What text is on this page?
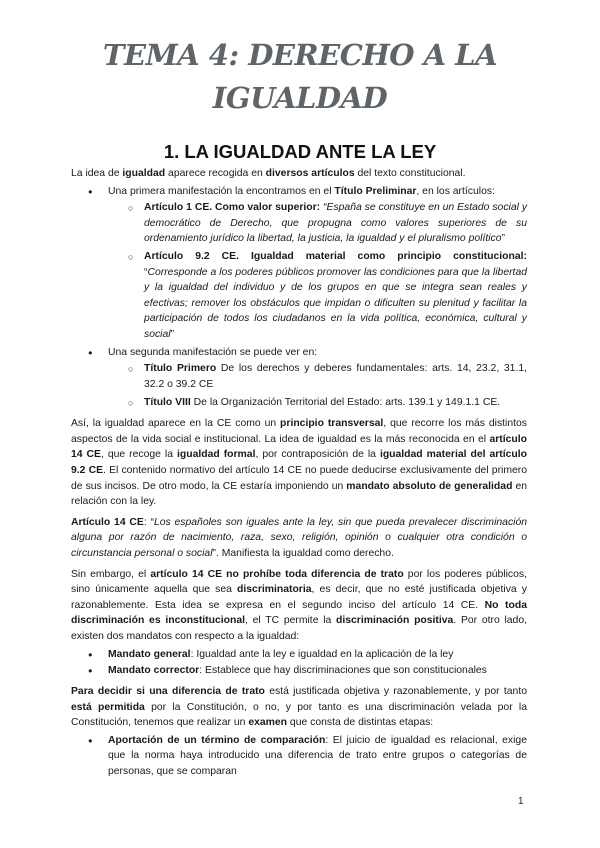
TEMA 4: DERECHO A LA
IGUALDAD
1. LA IGUALDAD ANTE LA LEY

La idea de igualdad aparece recogida en diversos artículos del texto constitucional.

● Una primera manifestación la encontramos en el Título Preliminar, en los artículos:
○ Artículo 1 CE. Como valor superior: “España se constituye en un Estado social y democrático de Derecho, que propugna como valores superiores de su ordenamiento jurídico la libertad, la justicia, la igualdad y el pluralismo político”
○ Artículo 9.2 CE. Igualdad material como principio constitucional: “Corresponde a los poderes públicos promover las condiciones para que la libertad y la igualdad del individuo y de los grupos en que se integra sean reales y efectivas; remover los obstáculos que impidan o dificulten su plenitud y facilitar la participación de todos los ciudadanos en la vida política, económica, cultural y social”
● Una segunda manifestación se puede ver en:
○ Título Primero De los derechos y deberes fundamentales: arts. 14, 23.2, 31.1, 32.2 o 39.2 CE
○ Título VIII De la Organización Territorial del Estado: arts. 139.1 y 149.1.1 CE.

Así, la igualdad aparece en la CE como un principio transversal, que recorre los más distintos aspectos de la vida social e institucional. La idea de igualdad es la más reconocida en el artículo 14 CE, que recoge la igualdad formal, por contraposición de la igualdad material del artículo 9.2 CE. El contenido normativo del artículo 14 CE no puede deducirse exclusivamente del primero de sus incisos. De otro modo, la CE estaría imponiendo un mandato absoluto de generalidad en relación con la ley.

Artículo 14 CE: “Los españoles son iguales ante la ley, sin que pueda prevalecer discriminación alguna por razón de nacimiento, raza, sexo, religión, opinión o cualquier otra condición o circunstancia personal o social”. Manifiesta la igualdad como derecho.

Sin embargo, el artículo 14 CE no prohíbe toda diferencia de trato por los poderes públicos, sino únicamente aquella que sea discriminatoria, es decir, que no esté justificada objetiva y razonablemente. Esta idea se expresa en el segundo inciso del artículo 14 CE. No toda discriminación es inconstitucional, el TC permite la discriminación positiva. Por otro lado, existen dos mandatos con respecto a la igualdad:

● Mandato general: Igualdad ante la ley e igualdad en la aplicación de la ley
● Mandato corrector: Establece que hay discriminaciones que son constitucionales

Para decidir si una diferencia de trato está justificada objetiva y razonablemente, y por tanto está permitida por la Constitución, o no, y por tanto es una discriminación velada por la Constitución, tenemos que realizar un examen que consta de distintas etapas:

● Aportación de un término de comparación: El juicio de igualdad es relacional, exige que la norma haya introducido una diferencia de trato entre grupos o categorías de personas, que se comparan
1
